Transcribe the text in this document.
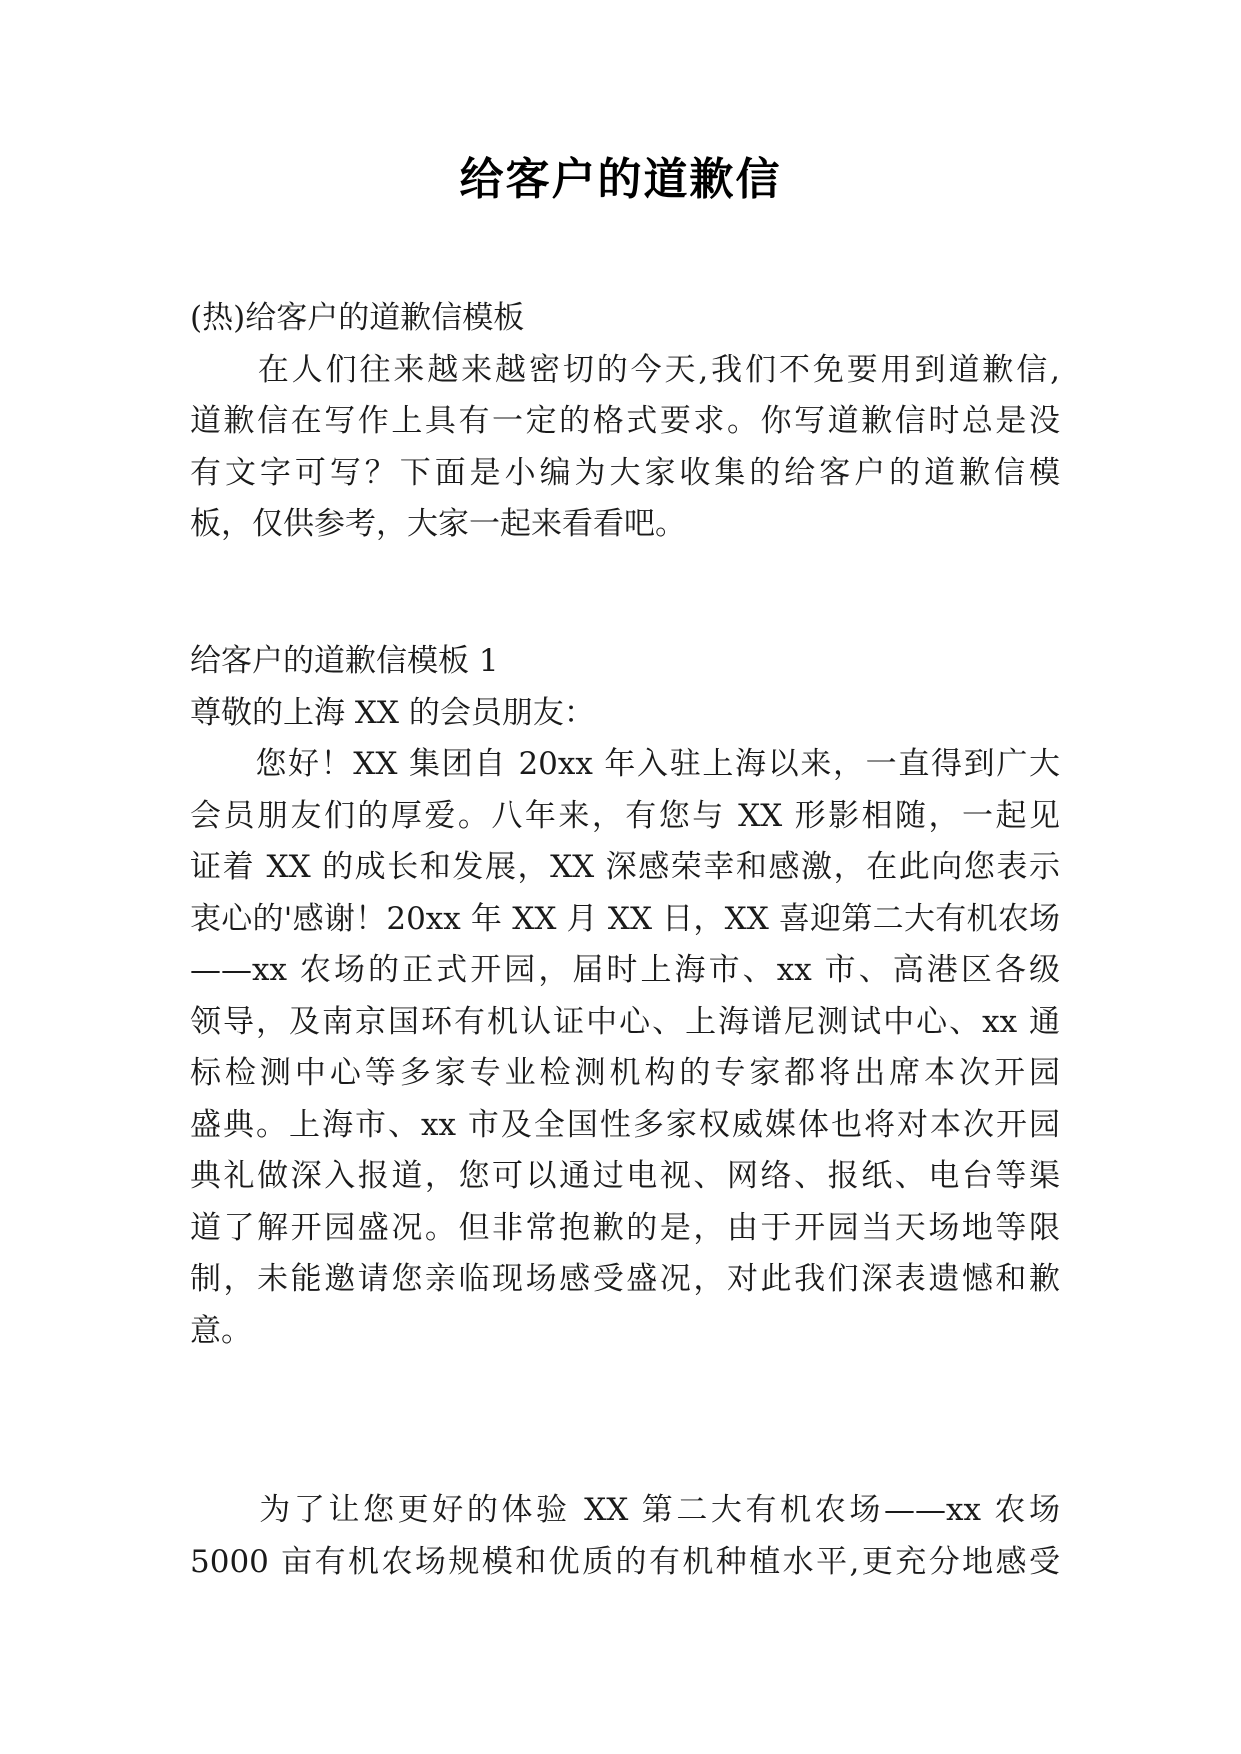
给客户的道歉信
(热)给客户的道歉信模板
　　在人们往来越来越密切的今天,我们不免要用到道歉信,
道歉信在写作上具有一定的格式要求。你写道歉信时总是没
有文字可写？下面是小编为大家收集的给客户的道歉信模
板，仅供参考，大家一起来看看吧。
给客户的道歉信模板 1
尊敬的上海 XX 的会员朋友：
　　您好！XX 集团自 20xx 年入驻上海以来，一直得到广大
会员朋友们的厚爱。八年来，有您与 XX 形影相随，一起见
证着 XX 的成长和发展，XX 深感荣幸和感激，在此向您表示
衷心的'感谢！20xx 年 XX 月 XX 日，XX 喜迎第二大有机农场
——xx 农场的正式开园，届时上海市、xx 市、高港区各级
领导，及南京国环有机认证中心、上海谱尼测试中心、xx 通
标检测中心等多家专业检测机构的专家都将出席本次开园
盛典。上海市、xx 市及全国性多家权威媒体也将对本次开园
典礼做深入报道，您可以通过电视、网络、报纸、电台等渠
道了解开园盛况。但非常抱歉的是，由于开园当天场地等限
制，未能邀请您亲临现场感受盛况，对此我们深表遗憾和歉
意。
　　为了让您更好的体验 XX 第二大有机农场——xx 农场
5000 亩有机农场规模和优质的有机种植水平,更充分地感受
